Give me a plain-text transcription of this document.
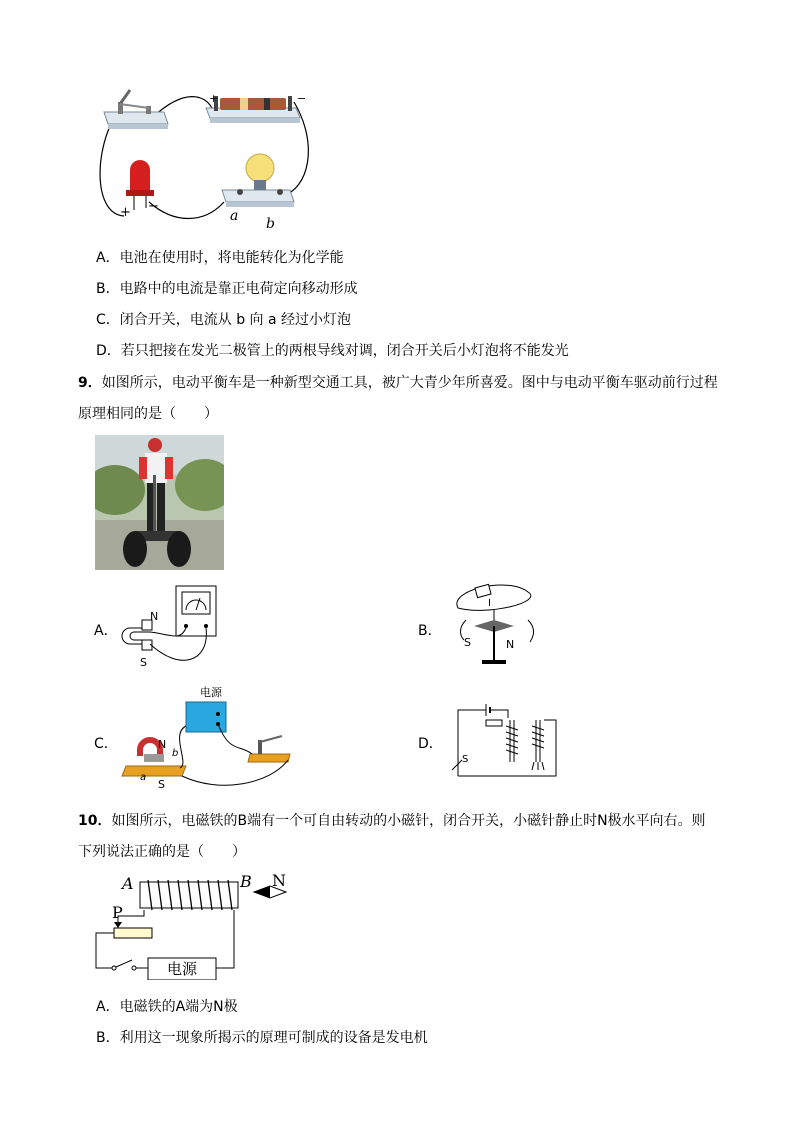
+	−
+ −
a b
A．电池在使用时，将电能转化为化学能
B．电路中的电流是靠正电荷定向移动形成
C．闭合开关，电流从 b 向 a 经过小灯泡
D．若只把接在发光二极管上的两根导线对调，闭合开关后小灯泡将不能发光
9．如图所示，电动平衡车是一种新型交通工具，被广大青少年所喜爱。图中与电动平衡车驱动前行过程
原理相同的是（　　）
A．
N
S
B．
I
S	N
C．
电源
N
S
a
b
D．
S
10．如图所示，电磁铁的B端有一个可自由转动的小磁针，闭合开关，小磁针静止时N极水平向右。则
下列说法正确的是（　　）
A	B N
P
电源
A．电磁铁的A端为N极
B．利用这一现象所揭示的原理可制成的设备是发电机
